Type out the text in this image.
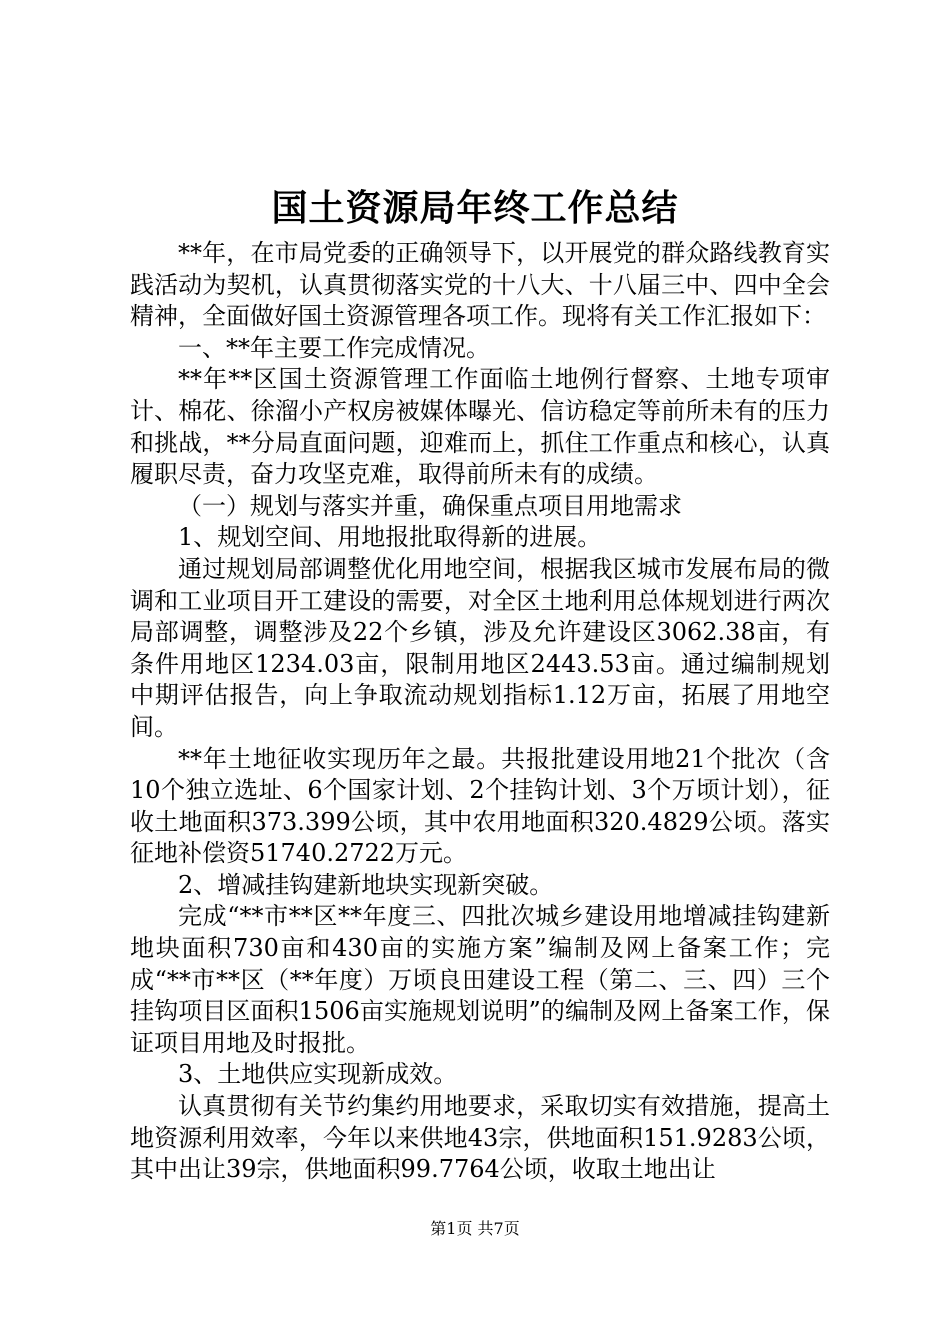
国土资源局年终工作总结

**年，在市局党委的正确领导下，以开展党的群众路线教育实践活动为契机，认真贯彻落实党的十八大、十八届三中、四中全会精神，全面做好国土资源管理各项工作。现将有关工作汇报如下：

一、**年主要工作完成情况。

**年**区国土资源管理工作面临土地例行督察、土地专项审计、棉花、徐溜小产权房被媒体曝光、信访稳定等前所未有的压力和挑战，**分局直面问题，迎难而上，抓住工作重点和核心，认真履职尽责，奋力攻坚克难，取得前所未有的成绩。

（一）规划与落实并重，确保重点项目用地需求

1、规划空间、用地报批取得新的进展。

通过规划局部调整优化用地空间，根据我区城市发展布局的微调和工业项目开工建设的需要，对全区土地利用总体规划进行两次局部调整，调整涉及22个乡镇，涉及允许建设区3062.38亩，有条件用地区1234.03亩，限制用地区2443.53亩。通过编制规划中期评估报告，向上争取流动规划指标1.12万亩，拓展了用地空间。

**年土地征收实现历年之最。共报批建设用地21个批次（含10个独立选址、6个国家计划、2个挂钩计划、3个万顷计划），征收土地面积373.399公顷，其中农用地面积320.4829公顷。落实征地补偿资51740.2722万元。

2、增减挂钩建新地块实现新突破。

完成“**市**区**年度三、四批次城乡建设用地增减挂钩建新地块面积730亩和430亩的实施方案”编制及网上备案工作；完成“**市**区（**年度）万顷良田建设工程（第二、三、四）三个挂钩项目区面积1506亩实施规划说明”的编制及网上备案工作，保证项目用地及时报批。

3、土地供应实现新成效。

认真贯彻有关节约集约用地要求，采取切实有效措施，提高土地资源利用效率，今年以来供地43宗，供地面积151.9283公顷，其中出让39宗，供地面积99.7764公顷，收取土地出让

第1页 共7页
